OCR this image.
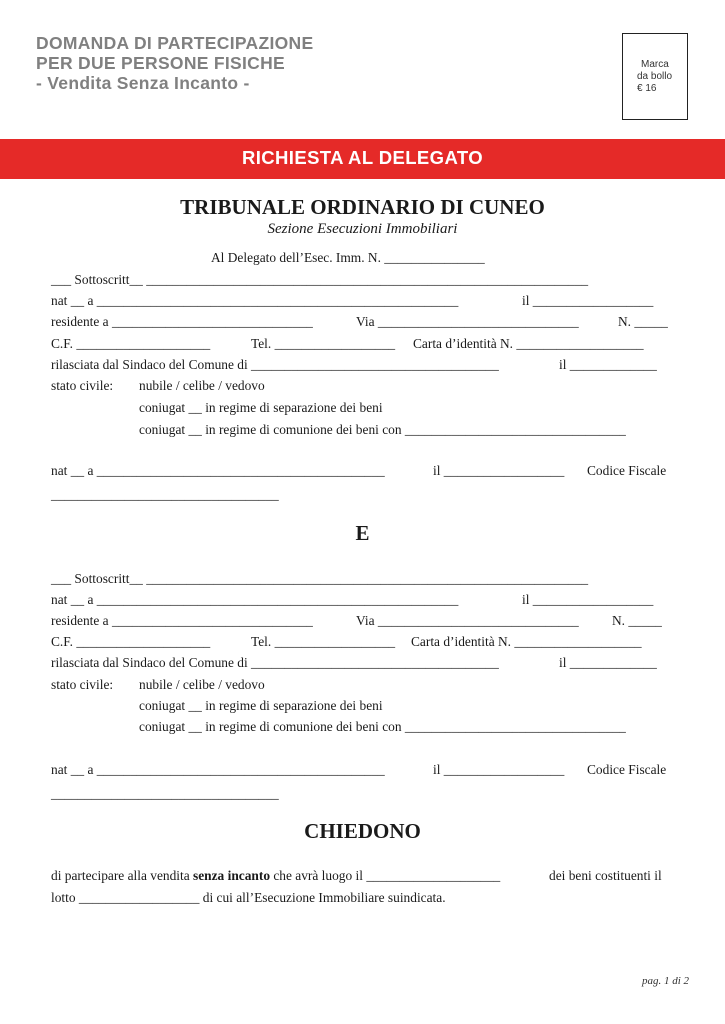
DOMANDA DI PARTECIPAZIONE
PER DUE PERSONE FISICHE
- Vendita Senza Incanto -
Marca
da bollo
€ 16
RICHIESTA AL DELEGATO
TRIBUNALE ORDINARIO DI CUNEO
Sezione Esecuzioni Immobiliari
Al Delegato dell’Esec. Imm. N. _______________
___ Sottoscritt__ __________________________________________________________________
nat __ a ______________________________________________________	il __________________
residente a ______________________________	Via ______________________________	N. _____
C.F. ____________________	Tel. __________________ Carta d’identità N. ___________________
rilasciata dal Sindaco del Comune di _____________________________________	il _____________
stato civile: nubile / celibe / vedovo
coniugat __ in regime di separazione dei beni
coniugat __ in regime di comunione dei beni con _________________________________
nat __ a ___________________________________________	il __________________ Codice Fiscale
__________________________________
E
___ Sottoscritt__ __________________________________________________________________
nat __ a ______________________________________________________	il __________________
residente a ______________________________	Via ______________________________ N. _____
C.F. ____________________	Tel. __________________ Carta d’identità N. ___________________
rilasciata dal Sindaco del Comune di _____________________________________	il _____________
stato civile: nubile / celibe / vedovo
coniugat __ in regime di separazione dei beni
coniugat __ in regime di comunione dei beni con _________________________________
nat __ a ___________________________________________	il __________________ Codice Fiscale
__________________________________
CHIEDONO
di partecipare alla vendita senza incanto che avrà luogo il ____________________	dei beni costituenti il
lotto __________________ di cui all’Esecuzione Immobiliare suindicata.
pag. 1 di 2
